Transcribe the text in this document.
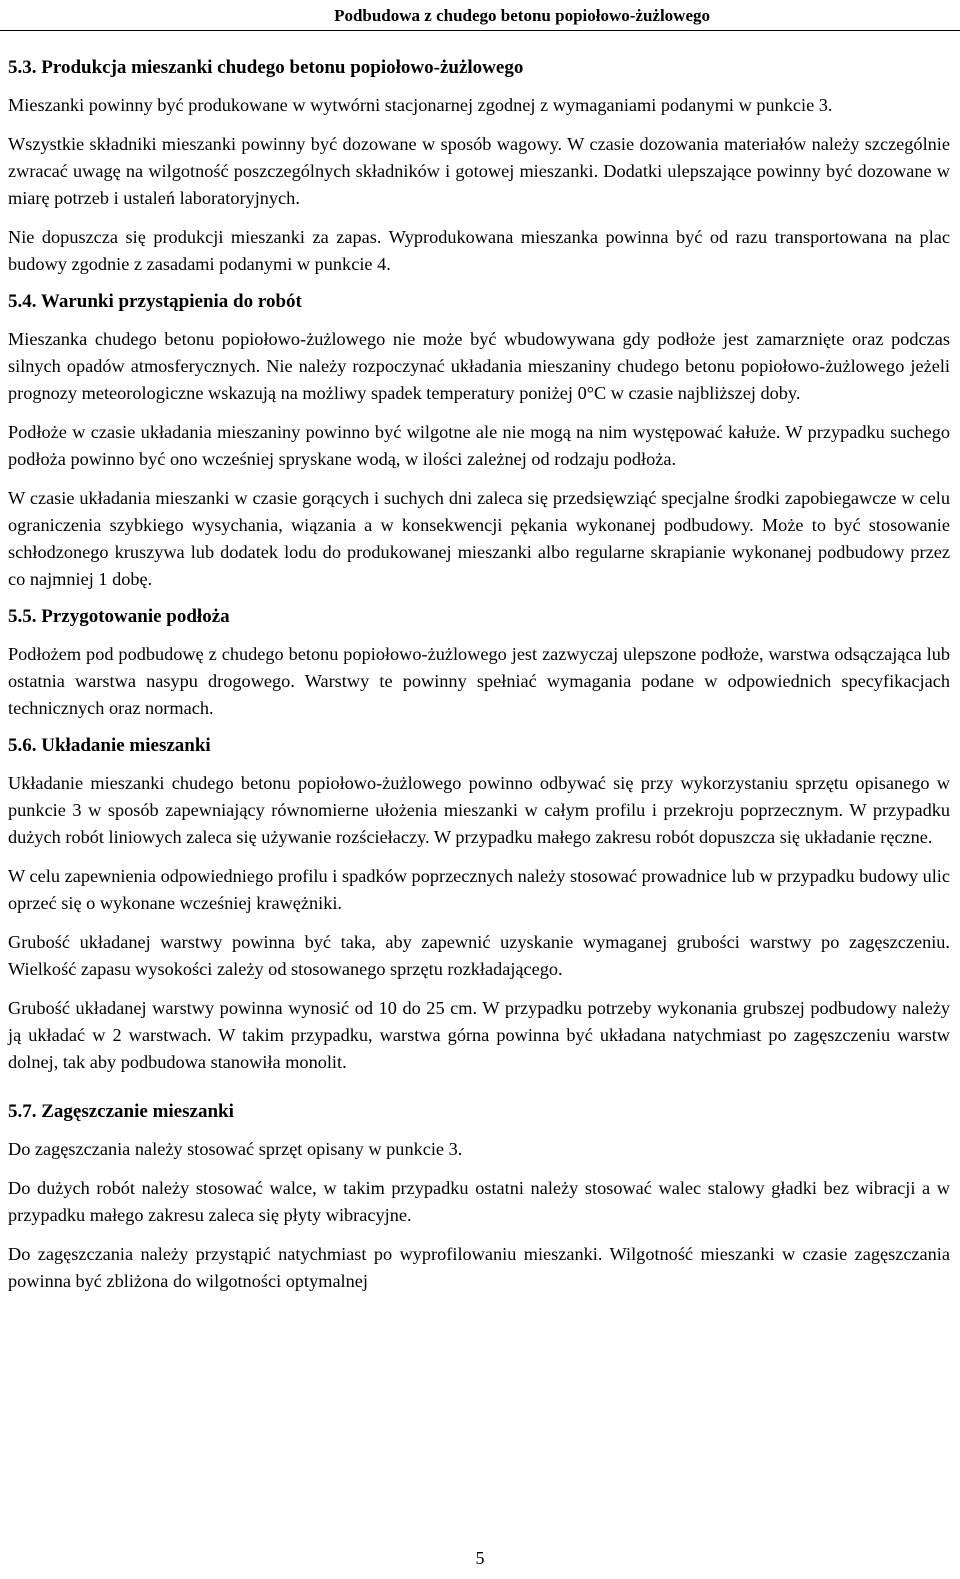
Podbudowa z chudego betonu popiołowo-żużlowego

5.3. Produkcja mieszanki chudego betonu popiołowo-żużlowego

Mieszanki powinny być produkowane w wytwórni stacjonarnej zgodnej z wymaganiami podanymi w punkcie 3.

Wszystkie składniki mieszanki powinny być dozowane w sposób wagowy. W czasie dozowania materiałów należy szczególnie zwracać uwagę na wilgotność poszczególnych składników i gotowej mieszanki. Dodatki ulepszające powinny być dozowane w miarę potrzeb i ustaleń laboratoryjnych.

Nie dopuszcza się produkcji mieszanki za zapas. Wyprodukowana mieszanka powinna być od razu transportowana na plac budowy zgodnie z zasadami podanymi w punkcie 4.

5.4. Warunki przystąpienia do robót

Mieszanka chudego betonu popiołowo-żużlowego nie może być wbudowywana gdy podłoże jest zamarznięte oraz podczas silnych opadów atmosferycznych. Nie należy rozpoczynać układania mieszaniny chudego betonu popiołowo-żużlowego jeżeli prognozy meteorologiczne wskazują na możliwy spadek temperatury poniżej 0°C w czasie najbliższej doby.

Podłoże w czasie układania mieszaniny powinno być wilgotne ale nie mogą na nim występować kałuże. W przypadku suchego podłoża powinno być ono wcześniej spryskane wodą, w ilości zależnej od rodzaju podłoża.

W czasie układania mieszanki w czasie gorących i suchych dni zaleca się przedsięwziąć specjalne środki zapobiegawcze w celu ograniczenia szybkiego wysychania, wiązania a w konsekwencji pękania wykonanej podbudowy. Może to być stosowanie schłodzonego kruszywa lub dodatek lodu do produkowanej mieszanki albo regularne skrapianie wykonanej podbudowy przez co najmniej 1 dobę.

5.5. Przygotowanie podłoża

Podłożem pod podbudowę z chudego betonu popiołowo-żużlowego jest zazwyczaj ulepszone podłoże, warstwa odsączająca lub ostatnia warstwa nasypu drogowego. Warstwy te powinny spełniać wymagania podane w odpowiednich specyfikacjach technicznych oraz normach.

5.6. Układanie mieszanki

Układanie mieszanki chudego betonu popiołowo-żużlowego powinno odbywać się przy wykorzystaniu sprzętu opisanego w punkcie 3 w sposób zapewniający równomierne ułożenia mieszanki w całym profilu i przekroju poprzecznym. W przypadku dużych robót liniowych zaleca się używanie rozściełaczy. W przypadku małego zakresu robót dopuszcza się układanie ręczne.

W celu zapewnienia odpowiedniego profilu i spadków poprzecznych należy stosować prowadnice lub w przypadku budowy ulic oprzeć się o wykonane wcześniej krawężniki.

Grubość układanej warstwy powinna być taka, aby zapewnić uzyskanie wymaganej grubości warstwy po zagęszczeniu. Wielkość zapasu wysokości zależy od stosowanego sprzętu rozkładającego.

Grubość układanej warstwy powinna wynosić od 10 do 25 cm. W przypadku potrzeby wykonania grubszej podbudowy należy ją układać w 2 warstwach. W takim przypadku, warstwa górna powinna być układana natychmiast po zagęszczeniu warstw dolnej, tak aby podbudowa stanowiła monolit.

5.7. Zagęszczanie mieszanki

Do zagęszczania należy stosować sprzęt opisany w punkcie 3.

Do dużych robót należy stosować walce, w takim przypadku ostatni należy stosować walec stalowy gładki bez wibracji a w przypadku małego zakresu zaleca się płyty wibracyjne.

Do zagęszczania należy przystąpić natychmiast po wyprofilowaniu mieszanki. Wilgotność mieszanki w czasie zagęszczania powinna być zbliżona do wilgotności optymalnej

5
